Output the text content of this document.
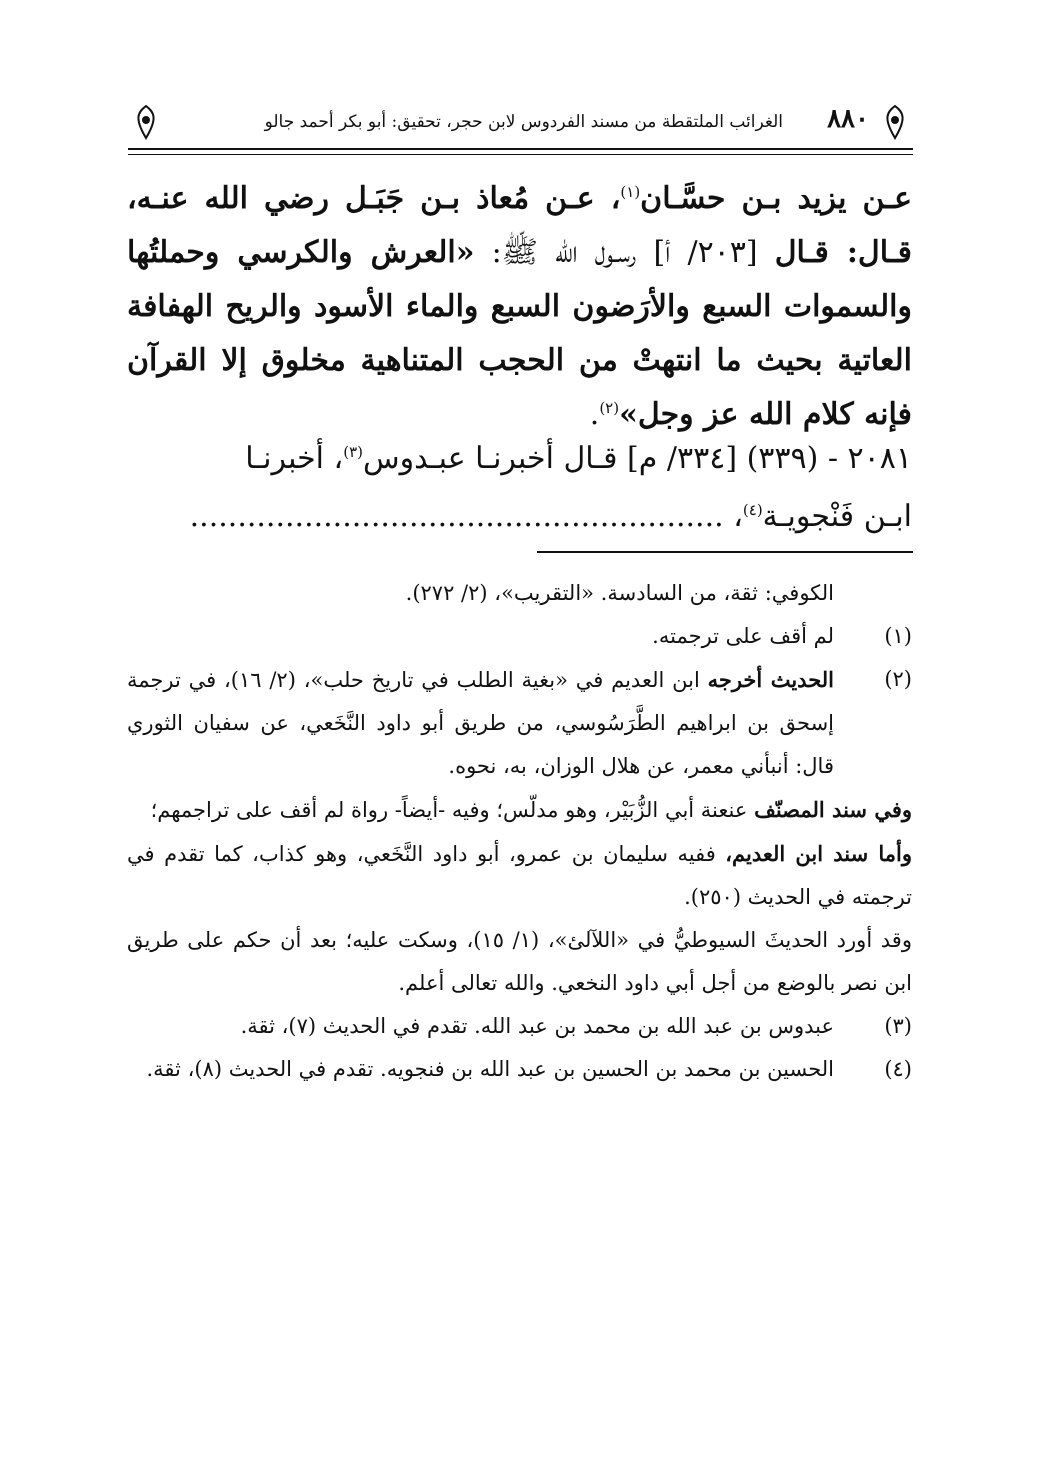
٨٨٠
الغرائب الملتقطة من مسند الفردوس لابن حجر، تحقيق: أبو بكر أحمد جالو

عـن يزيد بـن حسَّـان$^{(١)}$، عـن مُعاذ بـن جَبَـل رضي الله عنـه، قـال: قـال [٢٠٣/ أ] رسـول الله ﷺ: «العرش والكرسي وحملتُها والسموات السبع والأرَضون السبع والماء الأسود والريح الهفافة العاتية بحيث ما انتهتْ من الحجب المتناهية مخلوق إلا القرآن فإنه كلام الله عز وجل»$^{(٢)}$.

٢٠٨١ - (٣٣٩) [٣٣٤/ م] قـال أخبرنـا عبـدوس$^{(٣)}$، أخبرنـا

ابـن فَنْجويـة$^{(٤)}$، ........................................................

الكوفي: ثقة، من السادسة. «التقريب»، (٢/ ٢٧٢).

(١)
لم أقف على ترجمته.
(٢)
الحديث أخرجه ابن العديم في «بغية الطلب في تاريخ حلب»، (٢/ ١٦)، في ترجمة إسحق بن ابراهيم الطَّرَسُوسي، من طريق أبو داود النَّخَعي، عن سفيان الثوري قال: أنبأني معمر، عن هلال الوزان، به، نحوه.

وفي سند المصنّف عنعنة أبي الزُّبَيْر، وهو مدلّس؛ وفيه -أيضاً- رواة لم أقف على تراجمهم؛

وأما سند ابن العديم، ففيه سليمان بن عمرو، أبو داود النَّخَعي، وهو كذاب، كما تقدم في ترجمته في الحديث (٢٥٠).

وقد أورد الحديثَ السيوطيُّ في «اللآلئ»، (١/ ١٥)، وسكت عليه؛ بعد أن حكم على طريق ابن نصر بالوضع من أجل أبي داود النخعي. والله تعالى أعلم.

(٣)
عبدوس بن عبد الله بن محمد بن عبد الله. تقدم في الحديث (٧)، ثقة.
(٤)
الحسين بن محمد بن الحسين بن عبد الله بن فنجويه. تقدم في الحديث (٨)، ثقة.
